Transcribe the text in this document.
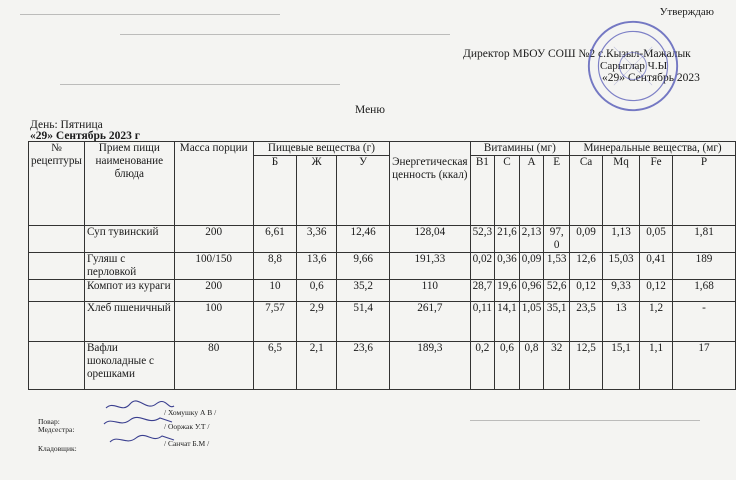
Утверждаю
Директор МБОУ СОШ №2 с.Кызыл-Мажалык
Сарыглар Ч.Ы
«29» Сентябрь 2023
Меню
День: Пятница
«29» Сентябрь 2023 г
№ рецептуры	Прием пищи наименование блюда	Масса порции	Пищевые вещества (г)			Энергетическая ценность (ккал)	Витамины (мг)				Минеральные вещества, (мг)			
			Б	Ж	У		В1	С	А	Е	Са	Мq	Fe	Р
	Суп тувинский	200	6,61	3,36	12,46	128,04	52,3	21,6	2,13	97, 0	0,09	1,13	0,05	1,81
	Гуляш с перловкой	100/150	8,8	13,6	9,66	191,33	0,02	0,36	0,09	1,53	12,6	15,03	0,41	189
	Компот из кураги	200	10	0,6	35,2	110	28,7	19,6	0,96	52,6	0,12	9,33	0,12	1,68
	Хлеб пшеничный	100	7,57	2,9	51,4	261,7	0,11	14,1	1,05	35,1	23,5	13	1,2	-
	Вафли шоколадные с орешками	80	6,5	2,1	23,6	189,3	0,2	0,6	0,8	32	12,5	15,1	1,1	17
Повар:
/ Хомушку А В /
Медсестра:	/ Ооржак У.Т /
Кладовщик:
/ Санчат Б.М /
